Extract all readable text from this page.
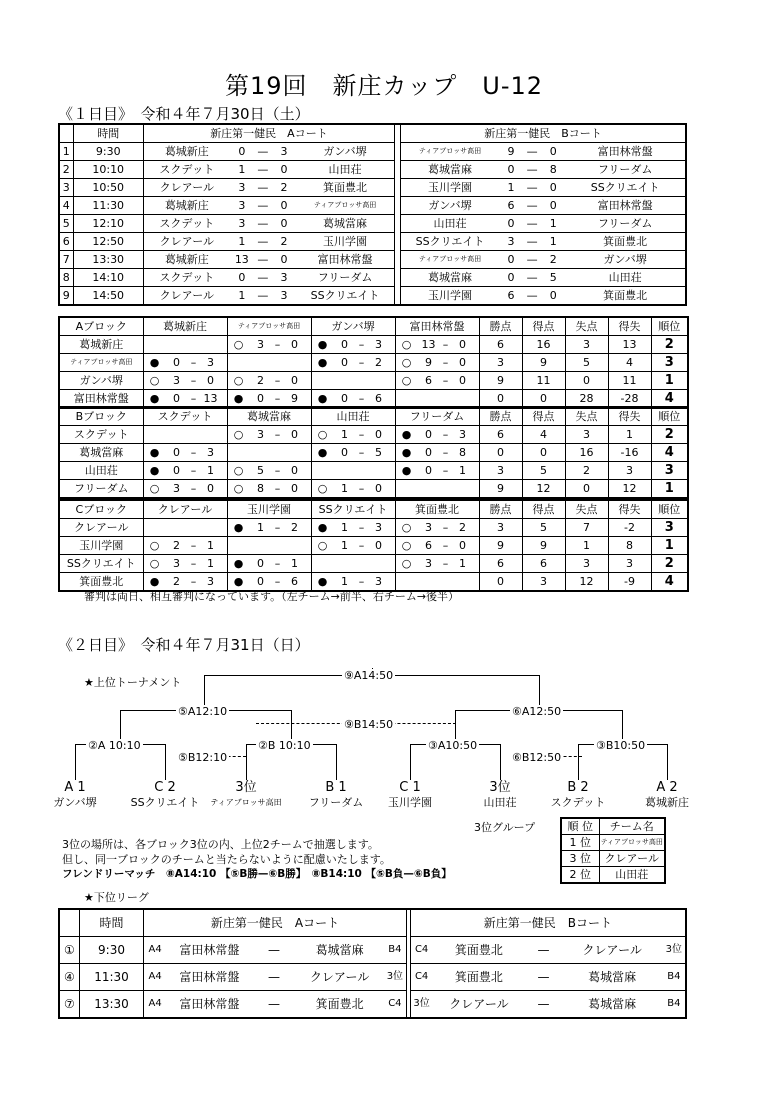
第19回　新庄カップ　U-12
《１日目》　令和４年７月30日（土）
	時間	新庄第一健民　Aコート						新庄第一健民　Bコート				
1	9:30	葛城新庄	0	—	3	ガンバ堺		ティアブロッサ高田	9	—	0	富田林常盤
2	10:10	スクデット	1	—	0	山田荘		葛城當麻	0	—	8	フリーダム
3	10:50	クレアール	3	—	2	箕面豊北		玉川学園	1	—	0	SSクリエイト
4	11:30	葛城新庄	3	—	0	ティアブロッサ高田		ガンバ堺	6	—	0	富田林常盤
5	12:10	スクデット	3	—	0	葛城當麻		山田荘	0	—	1	フリーダム
6	12:50	クレアール	1	—	2	玉川学園		SSクリエイト	3	—	1	箕面豊北
7	13:30	葛城新庄	13	—	0	富田林常盤		ティアブロッサ高田	0	—	2	ガンバ堺
8	14:10	スクデット	0	—	3	フリーダム		葛城當麻	0	—	5	山田荘
9	14:50	クレアール	1	—	3	SSクリエイト		玉川学園	6	—	0	箕面豊北
Aブロック	葛城新庄	ティアブロッサ高田	ガンバ堺	富田林常盤	勝点	得点	失点	得失	順位
葛城新庄		○ 3 – 0	● 0 – 3	○ 13 – 0	6	16	3	13	2
ティアブロッサ高田	● 0 – 3		● 0 – 2	○ 9 – 0	3	9	5	4	3
ガンバ堺	○ 3 – 0	○ 2 – 0		○ 6 – 0	9	11	0	11	1
富田林常盤	● 0 – 13	● 0 – 9	● 0 – 6		0	0	28	-28	4
Bブロック	スクデット	葛城當麻	山田荘	フリーダム	勝点	得点	失点	得失	順位
スクデット		○ 3 – 0	○ 1 – 0	● 0 – 3	6	4	3	1	2
葛城當麻	● 0 – 3		● 0 – 5	● 0 – 8	0	0	16	-16	4
山田荘	● 0 – 1	○ 5 – 0		● 0 – 1	3	5	2	3	3
フリーダム	○ 3 – 0	○ 8 – 0	○ 1 – 0		9	12	0	12	1
Cブロック	クレアール	玉川学園	SSクリエイト	箕面豊北	勝点	得点	失点	得失	順位
クレアール		● 1 – 2	● 1 – 3	○ 3 – 2	3	5	7	-2	3
玉川学園	○ 2 – 1		○ 1 – 0	○ 6 – 0	9	9	1	8	1
SSクリエイト	○ 3 – 1	● 0 – 1		○ 3 – 1	6	6	3	3	2
箕面豊北	● 2 – 3	● 0 – 6	● 1 – 3		0	3	12	-9	4
審判は両日、相互審判になっています。（左チーム→前半、右チーム→後半）
《２日目》　令和４年７月31日（日）
★上位トーナメント
⑨A14:50
⑤A12:10	⑥A12:50
⑨B14:50
②A 10:10	②B 10:10	③A10:50	③B10:50
⑤B12:10	⑥B12:50
A 1
ガンバ堺
C 2
SSクリエイト
3位
ティアブロッサ高田
B 1
フリーダム
C 1
玉川学園
3位
山田荘
B 2
スクデット
A 2
葛城新庄
3位グループ	順 位	チーム名
1 位	ティアブロッサ高田
3 位	クレアール
2 位	山田荘
3位の場所は、各ブロック3位の内、上位2チームで抽選します。
但し、同一ブロックのチームと当たらないように配慮いたします。
フレンドリーマッチ　⑧A14:10 【⑤B勝—⑥B勝】　⑧B14:10 【⑤B負—⑥B負】
★下位リーグ
	時間	新庄第一健民　Aコート						新庄第一健民　Bコート				
①	9:30	A4	富田林常盤	—	葛城當麻	B4		C4	箕面豊北	—	クレアール	3位
④	11:30	A4	富田林常盤	—	クレアール	3位		C4	箕面豊北	—	葛城當麻	B4
⑦	13:30	A4	富田林常盤	—	箕面豊北	C4		3位	クレアール	—	葛城當麻	B4
